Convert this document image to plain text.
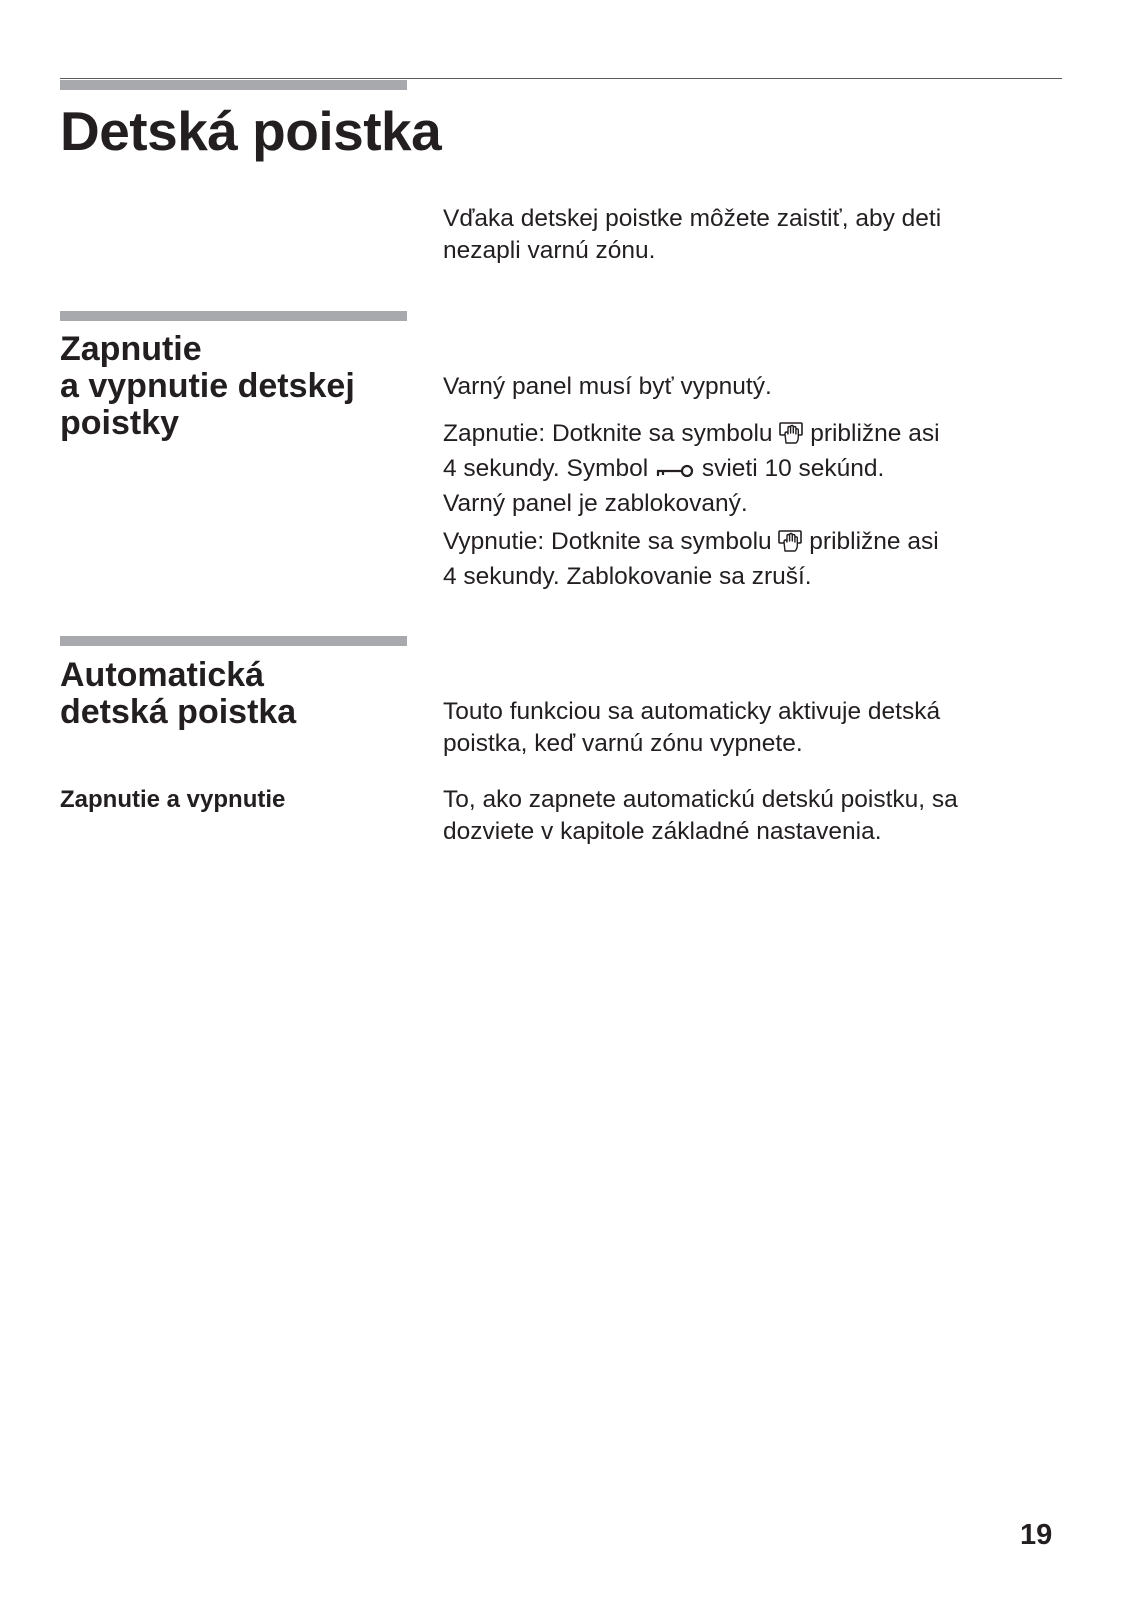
Detská poistka

Vďaka detskej poistke môžete zaistiť, aby deti
nezapli varnú zónu.

Zapnutie
a vypnutie detskej
poistky

Varný panel musí byť vypnutý.

Zapnutie: Dotknite sa symbolu približne asi
4 sekundy. Symbol svieti 10 sekúnd.
Varný panel je zablokovaný.

Vypnutie: Dotknite sa symbolu približne asi
4 sekundy. Zablokovanie sa zruší.

Automatická
detská poistka	Touto funkciou sa automaticky aktivuje detská
poistka, keď varnú zónu vypnete.

Zapnutie a vypnutie	To, ako zapnete automatickú detskú poistku, sa
dozviete v kapitole základné nastavenia.

19
